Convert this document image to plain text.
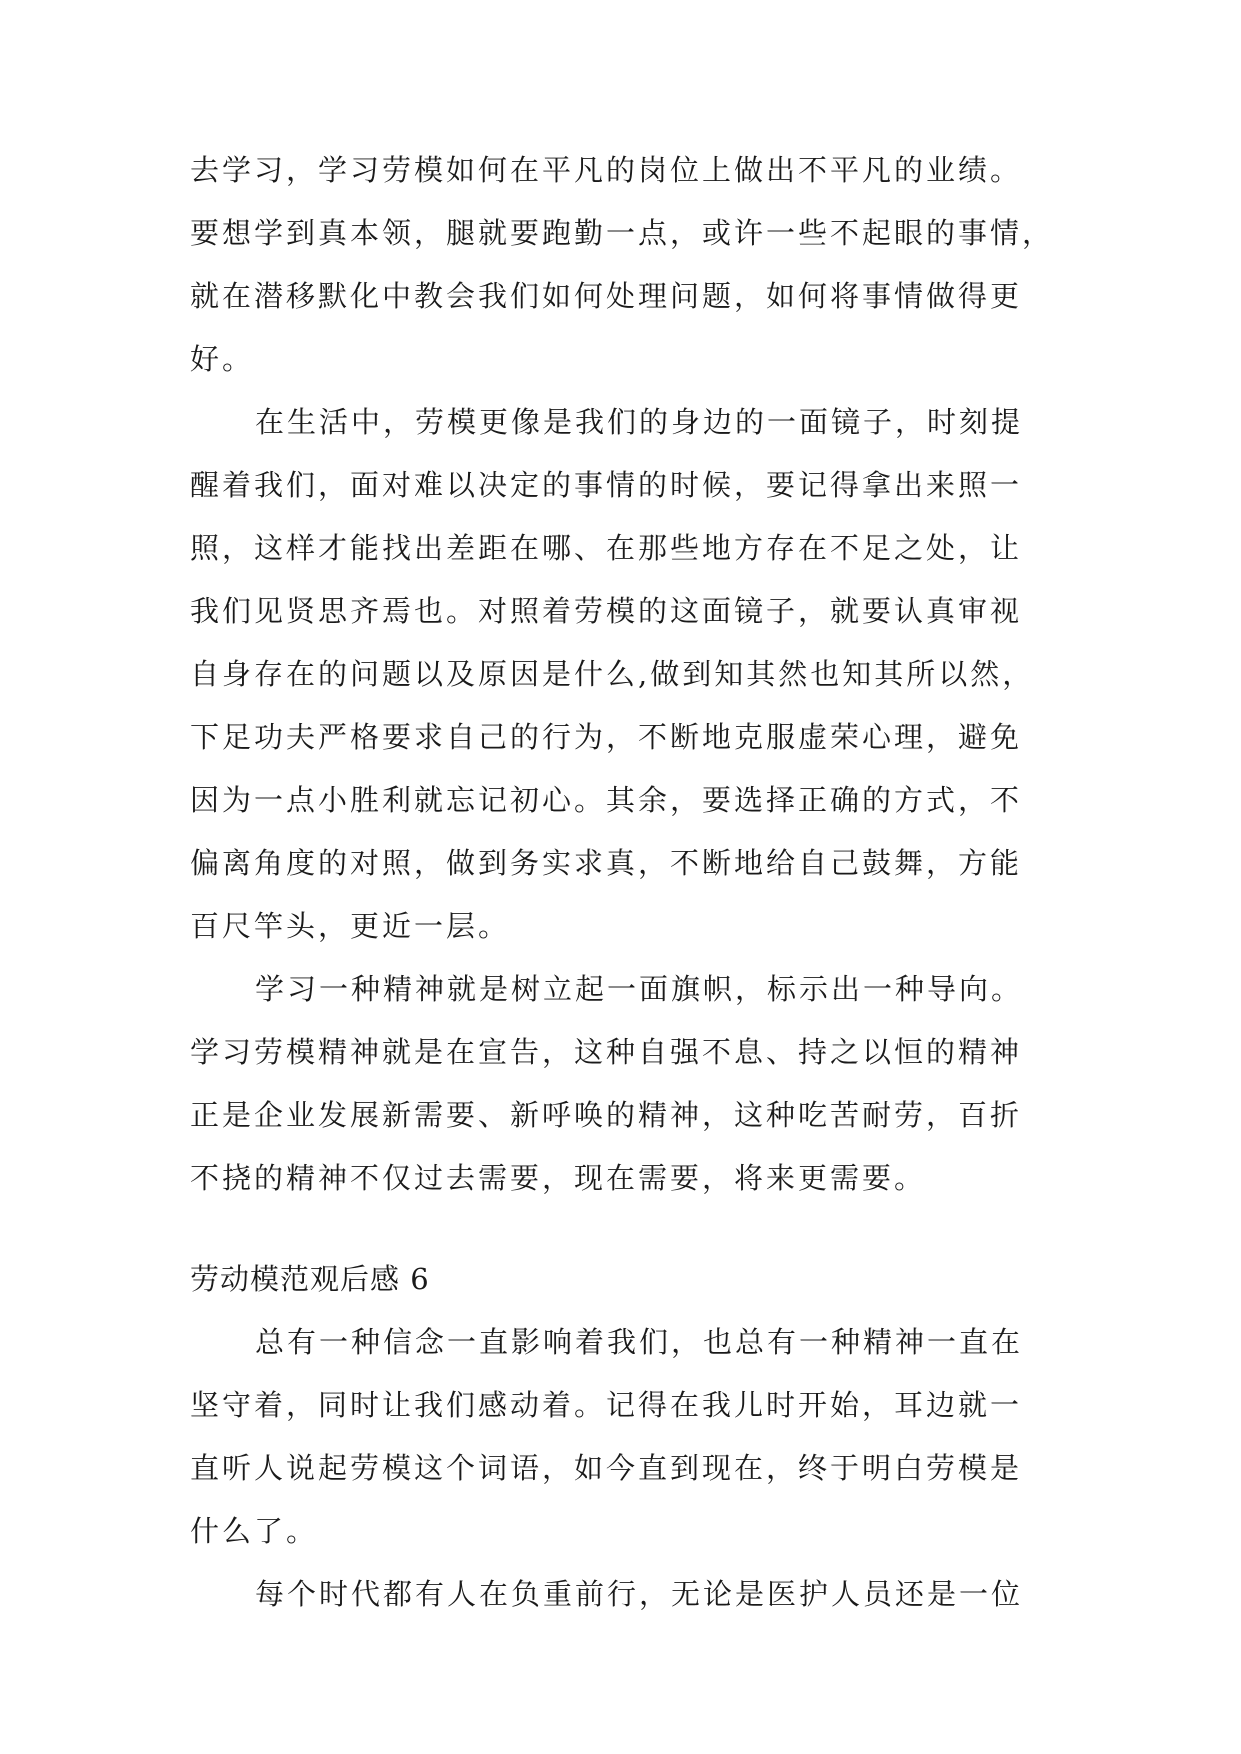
去学习，学习劳模如何在平凡的岗位上做出不平凡的业绩。
要想学到真本领，腿就要跑勤一点，或许一些不起眼的事情，
就在潜移默化中教会我们如何处理问题，如何将事情做得更
好。
在生活中，劳模更像是我们的身边的一面镜子，时刻提
醒着我们，面对难以决定的事情的时候，要记得拿出来照一
照，这样才能找出差距在哪、在那些地方存在不足之处，让
我们见贤思齐焉也。对照着劳模的这面镜子，就要认真审视
自身存在的问题以及原因是什么,做到知其然也知其所以然，
下足功夫严格要求自己的行为，不断地克服虚荣心理，避免
因为一点小胜利就忘记初心。其余，要选择正确的方式，不
偏离角度的对照，做到务实求真，不断地给自己鼓舞，方能
百尺竿头，更近一层。
学习一种精神就是树立起一面旗帜，标示出一种导向。
学习劳模精神就是在宣告，这种自强不息、持之以恒的精神
正是企业发展新需要、新呼唤的精神，这种吃苦耐劳，百折
不挠的精神不仅过去需要，现在需要，将来更需要。
劳动模范观后感 6
总有一种信念一直影响着我们，也总有一种精神一直在
坚守着，同时让我们感动着。记得在我儿时开始，耳边就一
直听人说起劳模这个词语，如今直到现在，终于明白劳模是
什么了。
每个时代都有人在负重前行，无论是医护人员还是一位
